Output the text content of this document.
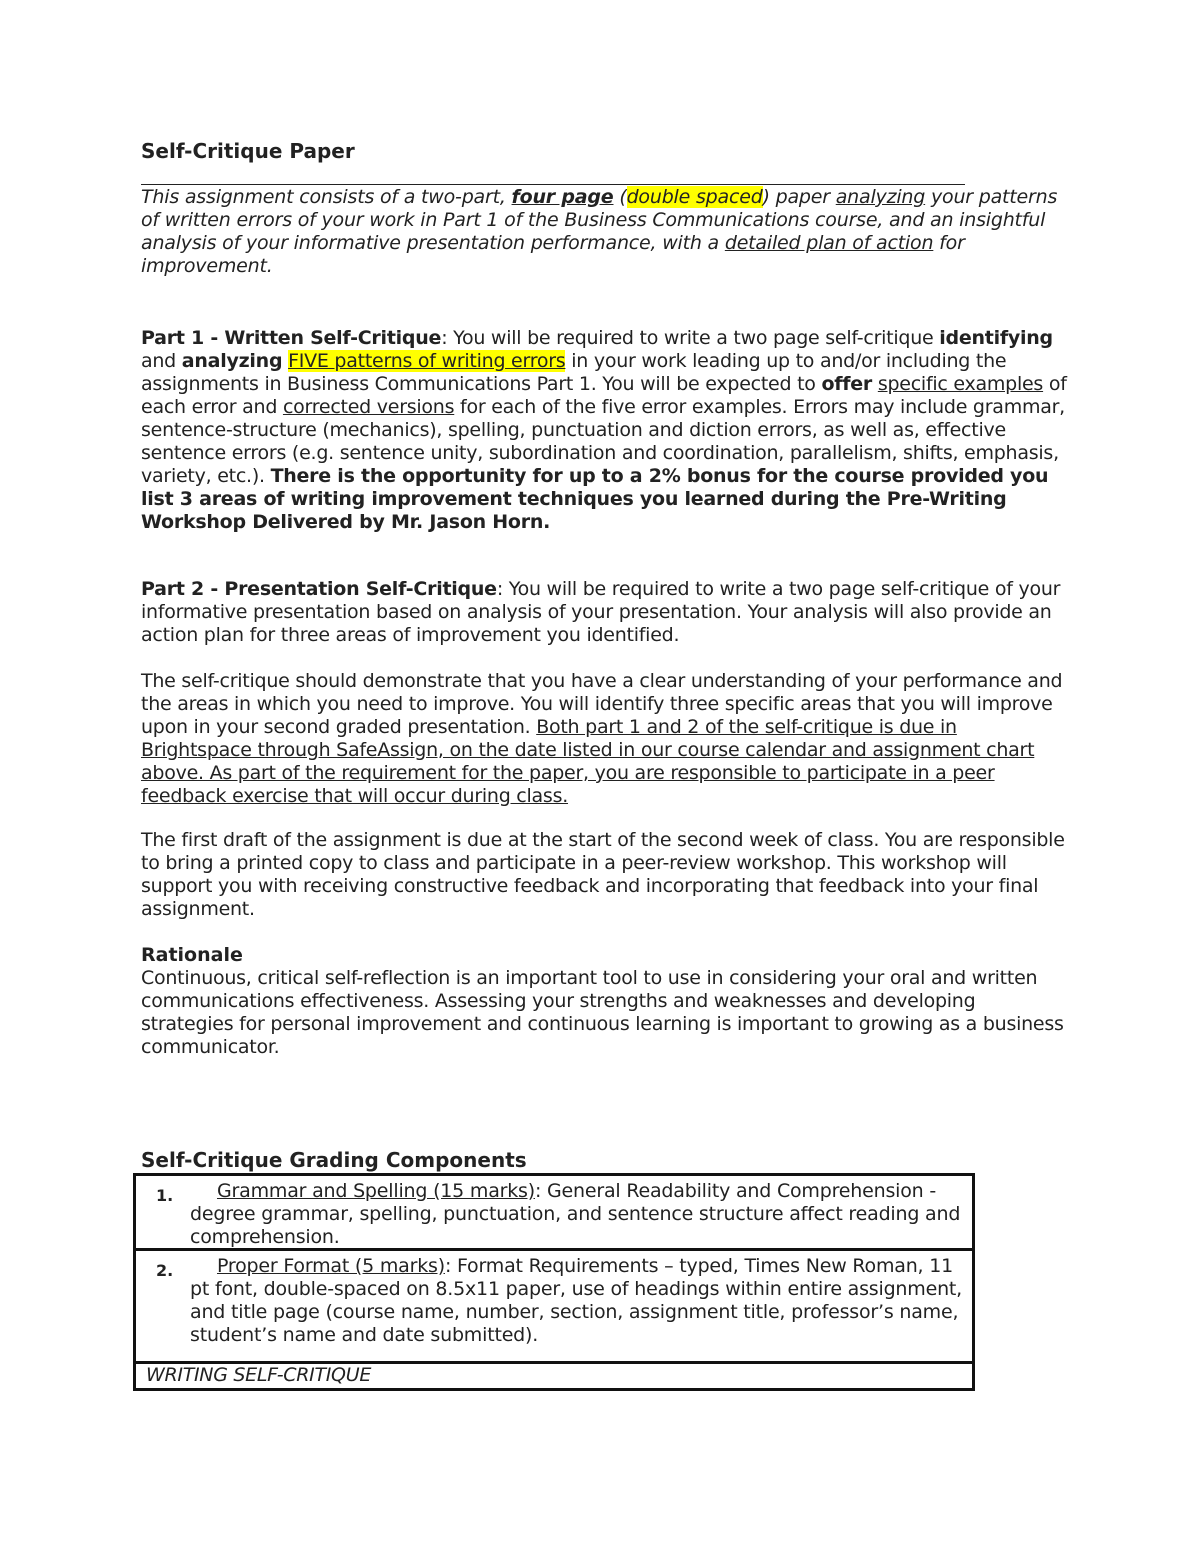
Self-Critique Paper

This assignment consists of a two-part, four page (double spaced) paper analyzing your patterns of written errors of your work in Part 1 of the Business Communications course, and an insightful analysis of your informative presentation performance, with a detailed plan of action for improvement.

Part 1 - Written Self-Critique: You will be required to write a two page self-critique identifying and analyzing FIVE patterns of writing errors in your work leading up to and/or including the assignments in Business Communications Part 1. You will be expected to offer specific examples of each error and corrected versions for each of the five error examples. Errors may include grammar, sentence-structure (mechanics), spelling, punctuation and diction errors, as well as, effective sentence errors (e.g. sentence unity, subordination and coordination, parallelism, shifts, emphasis, variety, etc.). There is the opportunity for up to a 2% bonus for the course provided you list 3 areas of writing improvement techniques you learned during the Pre-Writing Workshop Delivered by Mr. Jason Horn.

Part 2 - Presentation Self-Critique: You will be required to write a two page self-critique of your informative presentation based on analysis of your presentation. Your analysis will also provide an action plan for three areas of improvement you identified.

The self-critique should demonstrate that you have a clear understanding of your performance and the areas in which you need to improve. You will identify three specific areas that you will improve upon in your second graded presentation. Both part 1 and 2 of the self-critique is due in Brightspace through SafeAssign, on the date listed in our course calendar and assignment chart above. As part of the requirement for the paper, you are responsible to participate in a peer feedback exercise that will occur during class.

The first draft of the assignment is due at the start of the second week of class. You are responsible to bring a printed copy to class and participate in a peer-review workshop. This workshop will support you with receiving constructive feedback and incorporating that feedback into your final assignment.

Rationale

Continuous, critical self-reflection is an important tool to use in considering your oral and written communications effectiveness. Assessing your strengths and weaknesses and developing strategies for personal improvement and continuous learning is important to growing as a business communicator.

Self-Critique Grading Components
1.	Grammar and Spelling (15 marks): General Readability and Comprehension - degree grammar, spelling, punctuation, and sentence structure affect reading and comprehension.
2.	Proper Format (5 marks): Format Requirements – typed, Times New Roman, 11 pt font, double-spaced on 8.5x11 paper, use of headings within entire assignment, and title page (course name, number, section, assignment title, professor’s name, student’s name and date submitted).
WRITING SELF-CRITIQUE
